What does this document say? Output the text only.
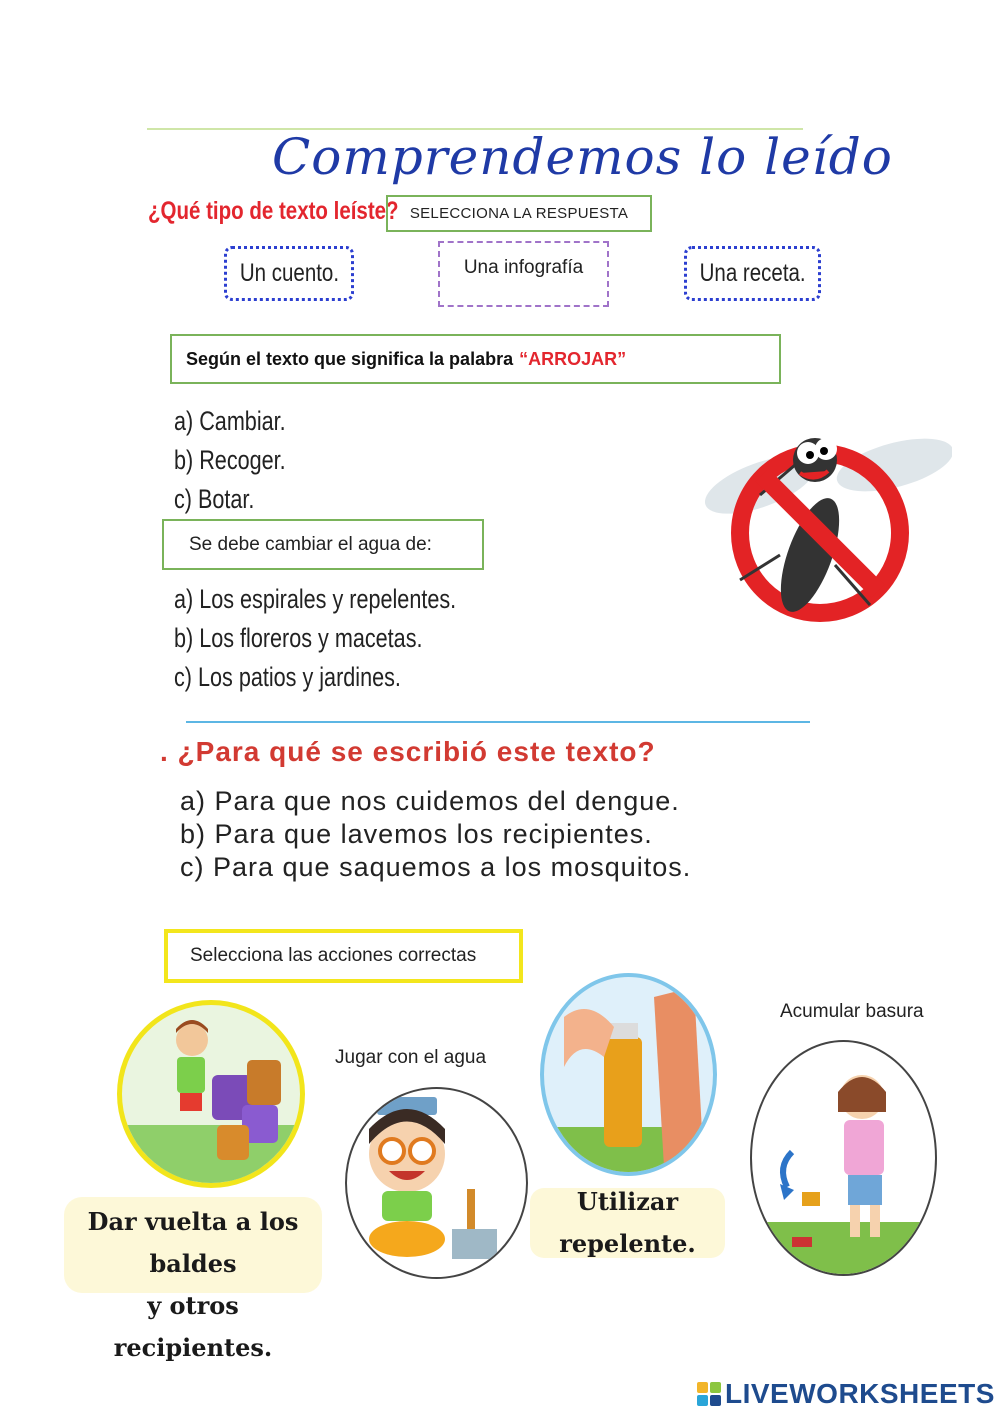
Comprendemos lo leído
¿Qué tipo de texto leíste? SELECCIONA LA RESPUESTA
Un cuento.	Una infografía	Una receta.
Según el texto que significa la palabra “ARROJAR”
a) Cambiar.
b) Recoger.
c) Botar.
Se debe cambiar el agua de:
a) Los espirales y repelentes.
b) Los floreros y macetas.
c) Los patios y jardines.
. ¿Para qué se escribió este texto?
a) Para que nos cuidemos del dengue.
b) Para que lavemos los recipientes.
c) Para que saquemos a los mosquitos.
Selecciona las acciones correctas
Dar vuelta a los baldes
y otros recipientes.
Jugar con el agua
Utilizar repelente.
Acumular basura
LIVEWORKSHEETS
